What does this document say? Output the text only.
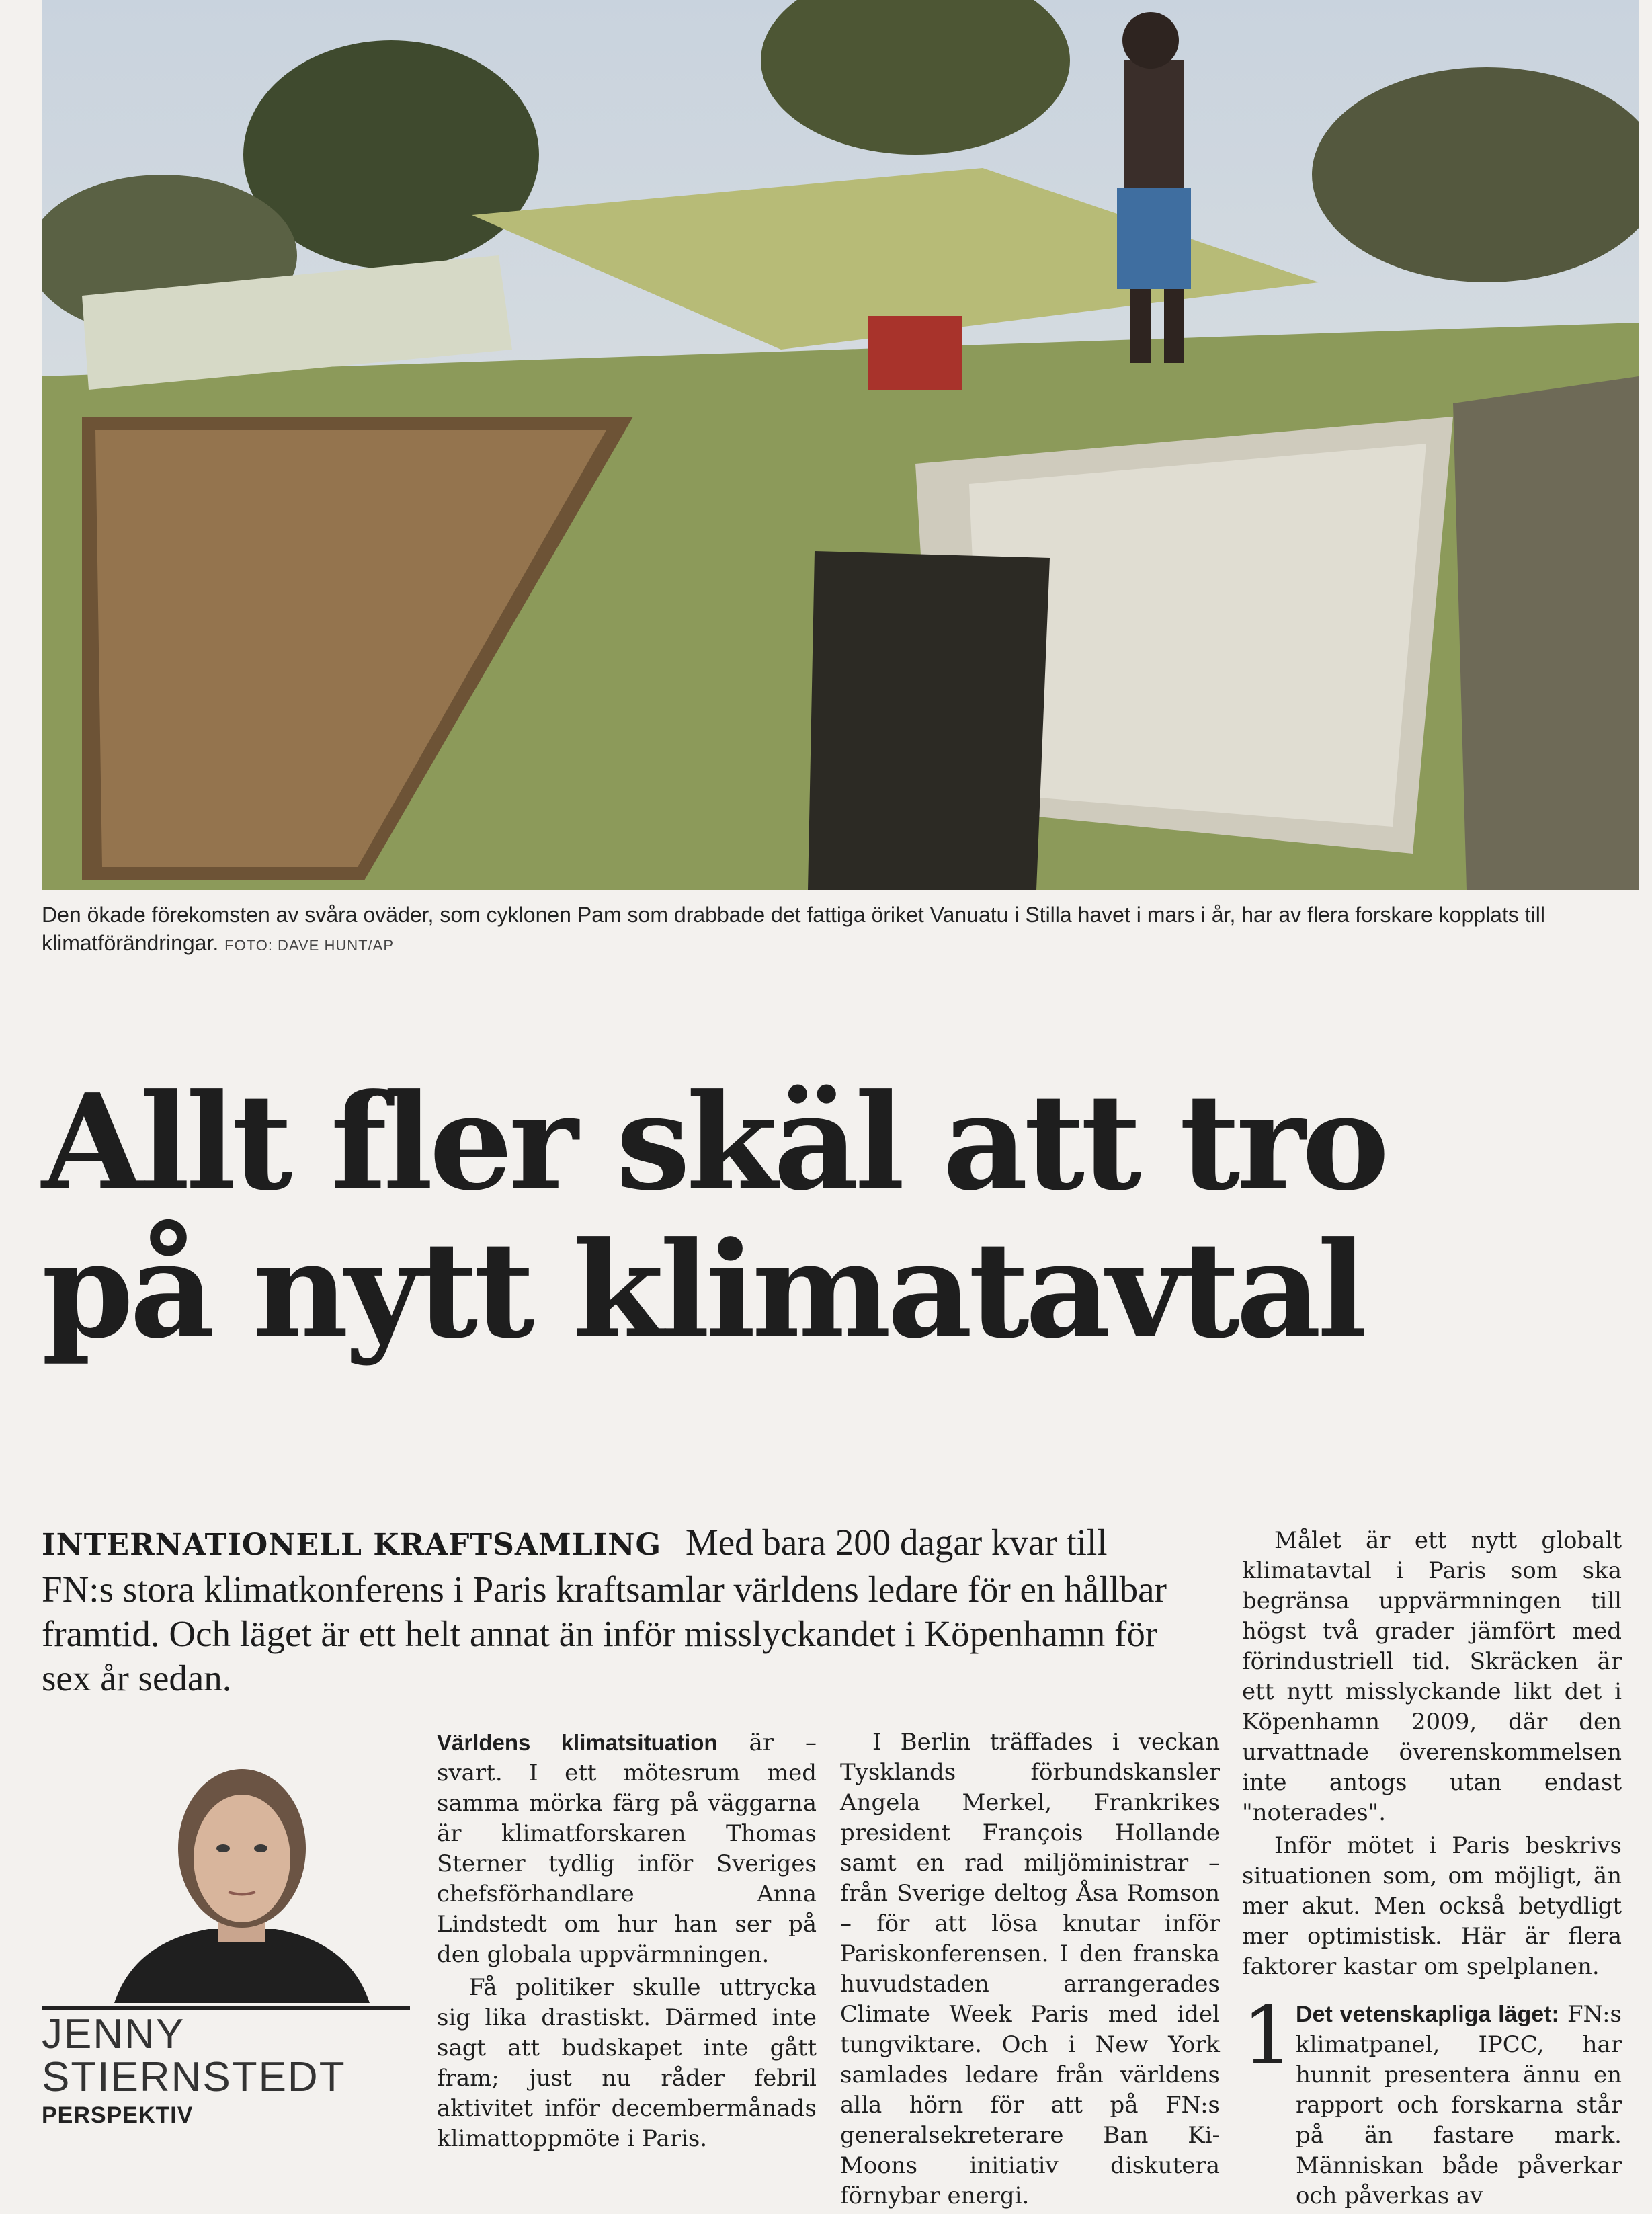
Den ökade förekomsten av svåra oväder, som cyklonen Pam som drabbade det fattiga öriket Vanuatu i Stilla havet i mars i år, har av flera forskare kopplats till klimatförändringar. FOTO: DAVE HUNT/AP
Allt fler skäl att tro
på nytt klimatavtal
INTERNATIONELL KRAFTSAMLING Med bara 200 dagar kvar till FN:s stora klimatkonferens i Paris kraftsamlar världens ledare för en hållbar framtid. Och läget är ett helt annat än inför misslyckandet i Köpenhamn för sex år sedan.
JENNY
STIERNSTEDT
PERSPEKTIV

Världens klimatsituation är – svart. I ett mötesrum med samma mörka färg på väggarna är klimatforskaren Thomas Sterner tydlig inför Sveriges chefsförhandlare Anna Lindstedt om hur han ser på den globala uppvärmningen.

Få politiker skulle uttrycka sig lika drastiskt. Därmed inte sagt att budskapet inte gått fram; just nu råder febril aktivitet inför decembermånads klimattoppmöte i Paris.

I Berlin träffades i veckan Tysklands förbundskansler Angela Merkel, Frankrikes president François Hollande samt en rad miljöministrar – från Sverige deltog Åsa Romson – för att lösa knutar inför Pariskonferensen. I den franska huvudstaden arrangerades Climate Week Paris med idel tungviktare. Och i New York samlades ledare från världens alla hörn för att på FN:s generalsekreterare Ban Ki-Moons initiativ diskutera förnybar energi.

Målet är ett nytt globalt klimatavtal i Paris som ska begränsa uppvärmningen till högst två grader jämfört med förindustriell tid. Skräcken är ett nytt misslyckande likt det i Köpenhamn 2009, där den urvattnade överenskommelsen inte antogs utan endast "noterades".

Inför mötet i Paris beskrivs situationen som, om möjligt, än mer akut. Men också betydligt mer optimistisk. Här är flera faktorer kastar om spelplanen.

1 Det vetenskapliga läget: FN:s klimatpanel, IPCC, har hunnit presentera ännu en rapport och forskarna står på än fastare mark. Människan både påverkar och påverkas av
